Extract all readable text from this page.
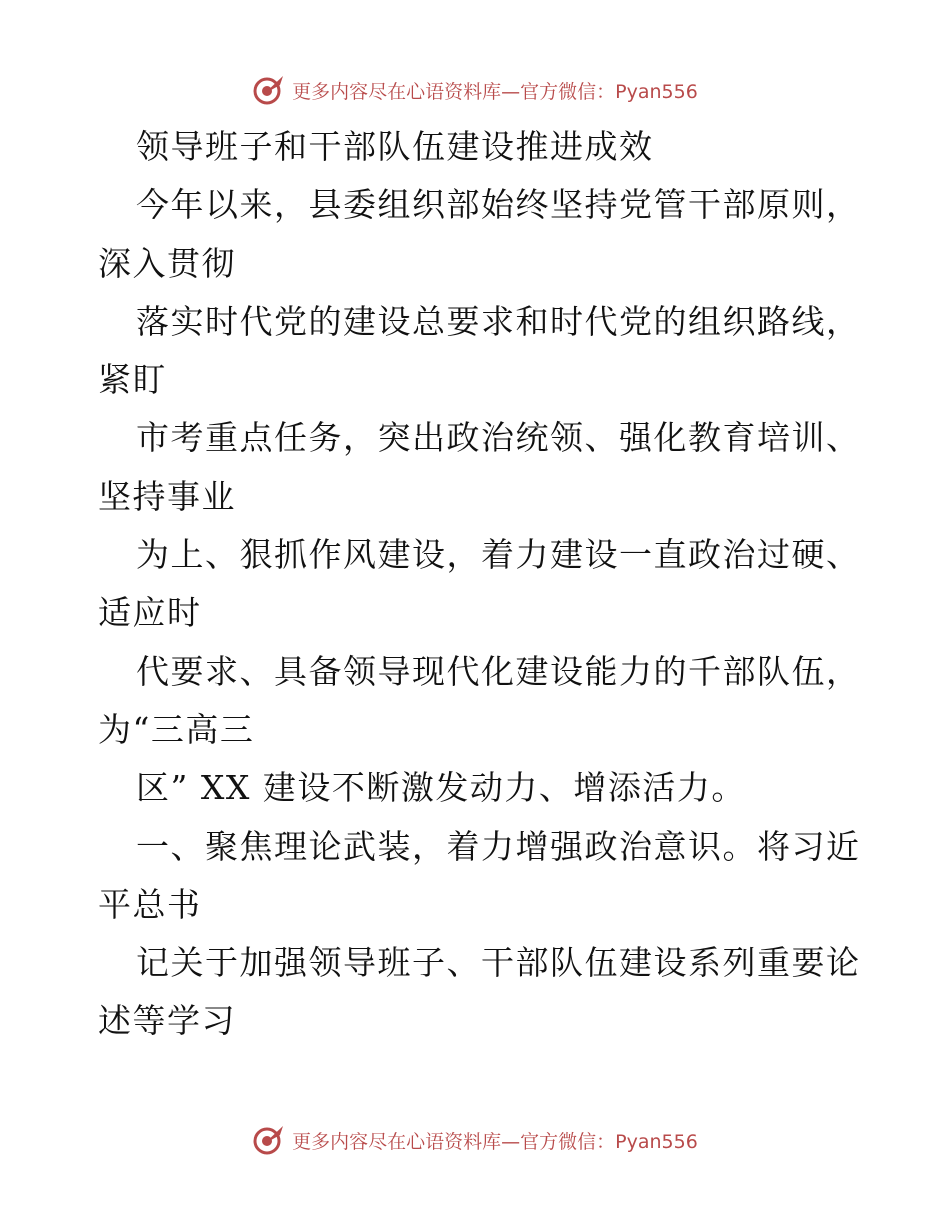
更多内容尽在心语资料库—官方微信：Pyan556
领导班子和干部队伍建设推进成效
今年以来，县委组织部始终坚持党管干部原则，
深入贯彻
落实时代党的建设总要求和时代党的组织路线，
紧盯
市考重点任务，突出政治统领、强化教育培训、
坚持事业
为上、狠抓作风建设，着力建设一直政治过硬、
适应时
代要求、具备领导现代化建设能力的千部队伍，
为“三高三
区” XX 建设不断激发动力、增添活力。
一、聚焦理论武装，着力增强政治意识。将习近
平总书
记关于加强领导班子、干部队伍建设系列重要论
述等学习
更多内容尽在心语资料库—官方微信：Pyan556
